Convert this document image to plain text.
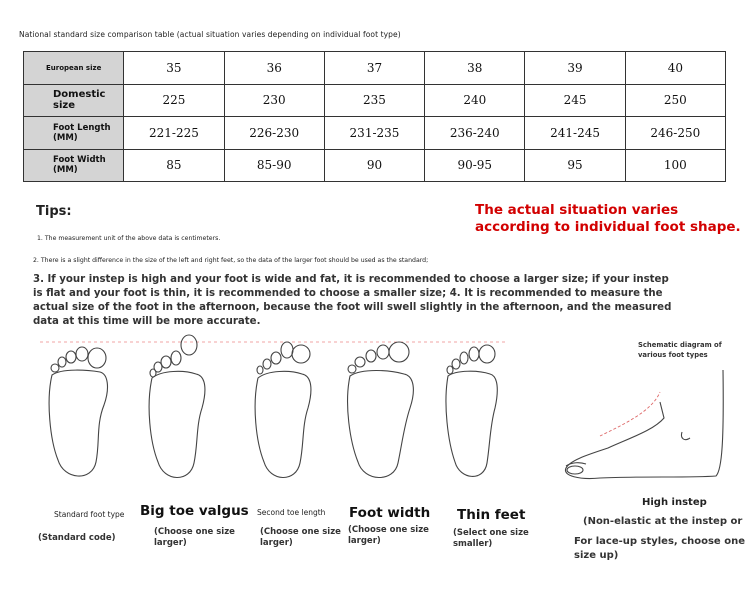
National standard size comparison table (actual situation varies depending on individual foot type)
European size	35	36	37	38	39	40
Domestic size	225	230	235	240	245	250
Foot Length (MM)	221-225	226-230	231-235	236-240	241-245	246-250
Foot Width (MM)	85	85-90	90	90-95	95	100
Tips:	The actual situation varies according to individual foot shape.
1. The measurement unit of the above data is centimeters.
2. There is a slight difference in the size of the left and right feet, so the data of the larger foot should be used as the standard;
3. If your instep is high and your foot is wide and fat, it is recommended to choose a larger size; if your instep is flat and your foot is thin, it is recommended to choose a smaller size; 4. It is recommended to measure the actual size of the foot in the afternoon, because the foot will swell slightly in the afternoon, and the measured data at this time will be more accurate.
Standard foot type
(Standard code)
Big toe valgus
(Choose one size larger)
Second toe length
(Choose one size larger)
Foot width
(Choose one size larger)
Thin feet
(Select one size smaller)
Schematic diagram of various foot types
High instep
(Non-elastic at the instep or
For lace-up styles, choose one size up)
